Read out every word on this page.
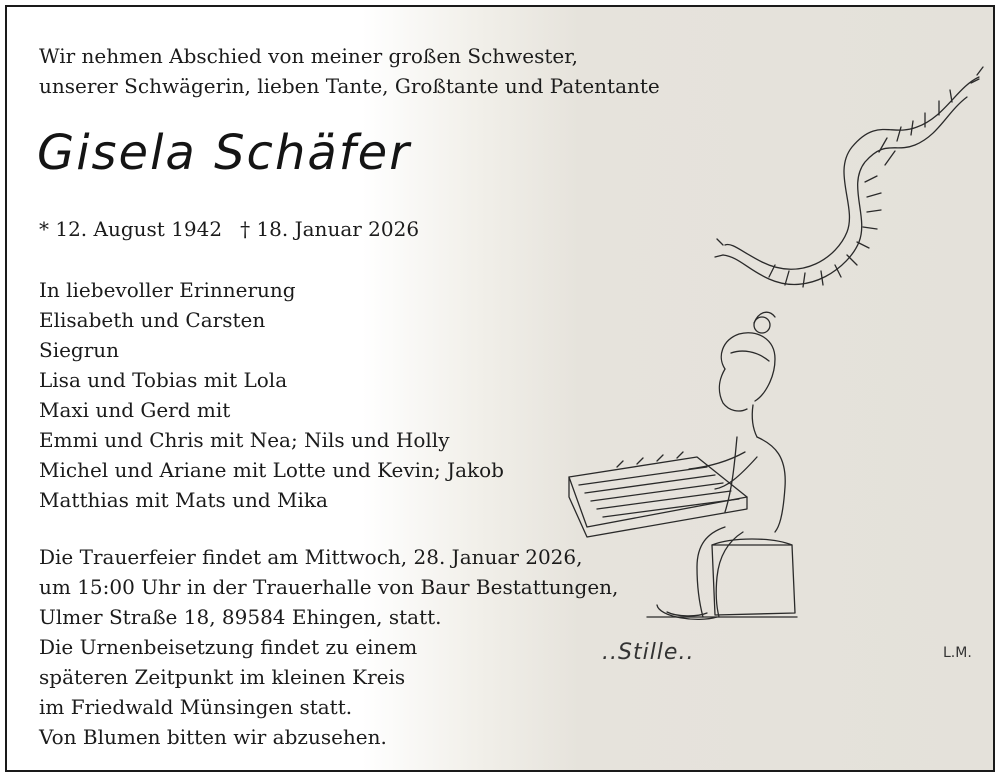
Wir nehmen Abschied von meiner großen Schwester,
unserer Schwägerin, lieben Tante, Großtante und Patentante
Gisela Schäfer
* 12. August 1942 † 18. Januar 2026
In liebevoller Erinnerung
Elisabeth und Carsten
Siegrun
Lisa und Tobias mit Lola
Maxi und Gerd mit
Emmi und Chris mit Nea; Nils und Holly
Michel und Ariane mit Lotte und Kevin; Jakob
Matthias mit Mats und Mika
Die Trauerfeier findet am Mittwoch, 28. Januar 2026,
um 15:00 Uhr in der Trauerhalle von Baur Bestattungen,
Ulmer Straße 18, 89584 Ehingen, statt.
Die Urnenbeisetzung findet zu einem
späteren Zeitpunkt im kleinen Kreis
im Friedwald Münsingen statt.
Von Blumen bitten wir abzusehen.
..Stille..	L.M.
